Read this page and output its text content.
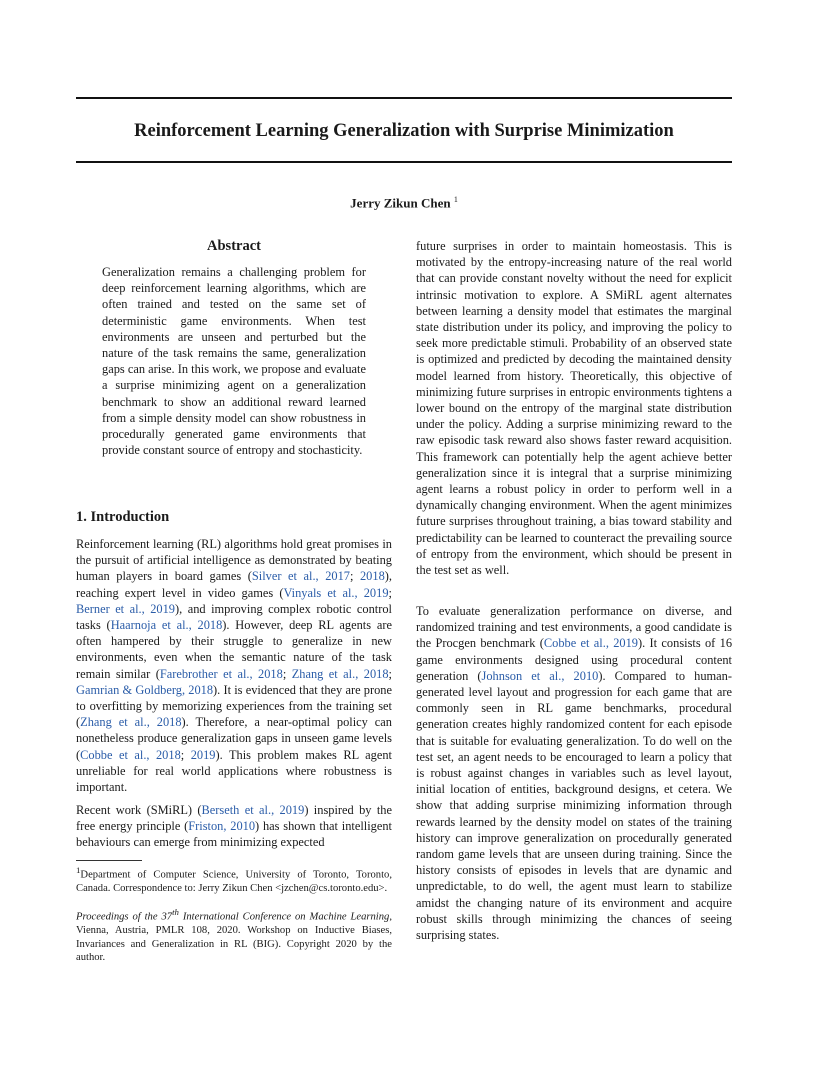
Reinforcement Learning Generalization with Surprise Minimization
Jerry Zikun Chen $^1$
Abstract

Generalization remains a challenging problem for deep reinforcement learning algorithms, which are often trained and tested on the same set of deterministic game environments. When test environments are unseen and perturbed but the nature of the task remains the same, generalization gaps can arise. In this work, we propose and evaluate a surprise minimizing agent on a generalization benchmark to show an additional reward learned from a simple density model can show robustness in procedurally generated game environments that provide constant source of entropy and stochasticity.

1. Introduction

Reinforcement learning (RL) algorithms hold great promises in the pursuit of artificial intelligence as demonstrated by beating human players in board games (Silver et al., 2017; 2018), reaching expert level in video games (Vinyals et al., 2019; Berner et al., 2019), and improving complex robotic control tasks (Haarnoja et al., 2018). However, deep RL agents are often hampered by their struggle to generalize in new environments, even when the semantic nature of the task remain similar (Farebrother et al., 2018; Zhang et al., 2018; Gamrian & Goldberg, 2018). It is evidenced that they are prone to overfitting by memorizing experiences from the training set (Zhang et al., 2018). Therefore, a near-optimal policy can nonetheless produce generalization gaps in unseen game levels (Cobbe et al., 2018; 2019). This problem makes RL agent unreliable for real world applications where robustness is important.

Recent work (SMiRL) (Berseth et al., 2019) inspired by the free energy principle (Friston, 2010) has shown that intelligent behaviours can emerge from minimizing expected

$^1$Department of Computer Science, University of Toronto, Toronto, Canada. Correspondence to: Jerry Zikun Chen <jzchen@cs.toronto.edu>.
Proceedings of the 37th International Conference on Machine Learning, Vienna, Austria, PMLR 108, 2020. Workshop on Inductive Biases, Invariances and Generalization in RL (BIG). Copyright 2020 by the author.

future surprises in order to maintain homeostasis. This is motivated by the entropy-increasing nature of the real world that can provide constant novelty without the need for explicit intrinsic motivation to explore. A SMiRL agent alternates between learning a density model that estimates the marginal state distribution under its policy, and improving the policy to seek more predictable stimuli. Probability of an observed state is optimized and predicted by decoding the maintained density model learned from history. Theoretically, this objective of minimizing future surprises in entropic environments tightens a lower bound on the entropy of the marginal state distribution under the policy. Adding a surprise minimizing reward to the raw episodic task reward also shows faster reward acquisition. This framework can potentially help the agent achieve better generalization since it is integral that a surprise minimizing agent learns a robust policy in order to perform well in a dynamically changing environment. When the agent minimizes future surprises throughout training, a bias toward stability and predictability can be learned to counteract the prevailing source of entropy from the environment, which should be present in the test set as well.

To evaluate generalization performance on diverse, and randomized training and test environments, a good candidate is the Procgen benchmark (Cobbe et al., 2019). It consists of 16 game environments designed using procedural content generation (Johnson et al., 2010). Compared to human-generated level layout and progression for each game that are commonly seen in RL game benchmarks, procedural generation creates highly randomized content for each episode that is suitable for evaluating generalization. To do well on the test set, an agent needs to be encouraged to learn a policy that is robust against changes in variables such as level layout, initial location of entities, background designs, et cetera. We show that adding surprise minimizing information through rewards learned by the density model on states of the training history can improve generalization on procedurally generated random game levels that are unseen during training. Since the history consists of episodes in levels that are dynamic and unpredictable, to do well, the agent must learn to stabilize amidst the changing nature of its environment and acquire robust skills through minimizing the chances of seeing surprising states.
